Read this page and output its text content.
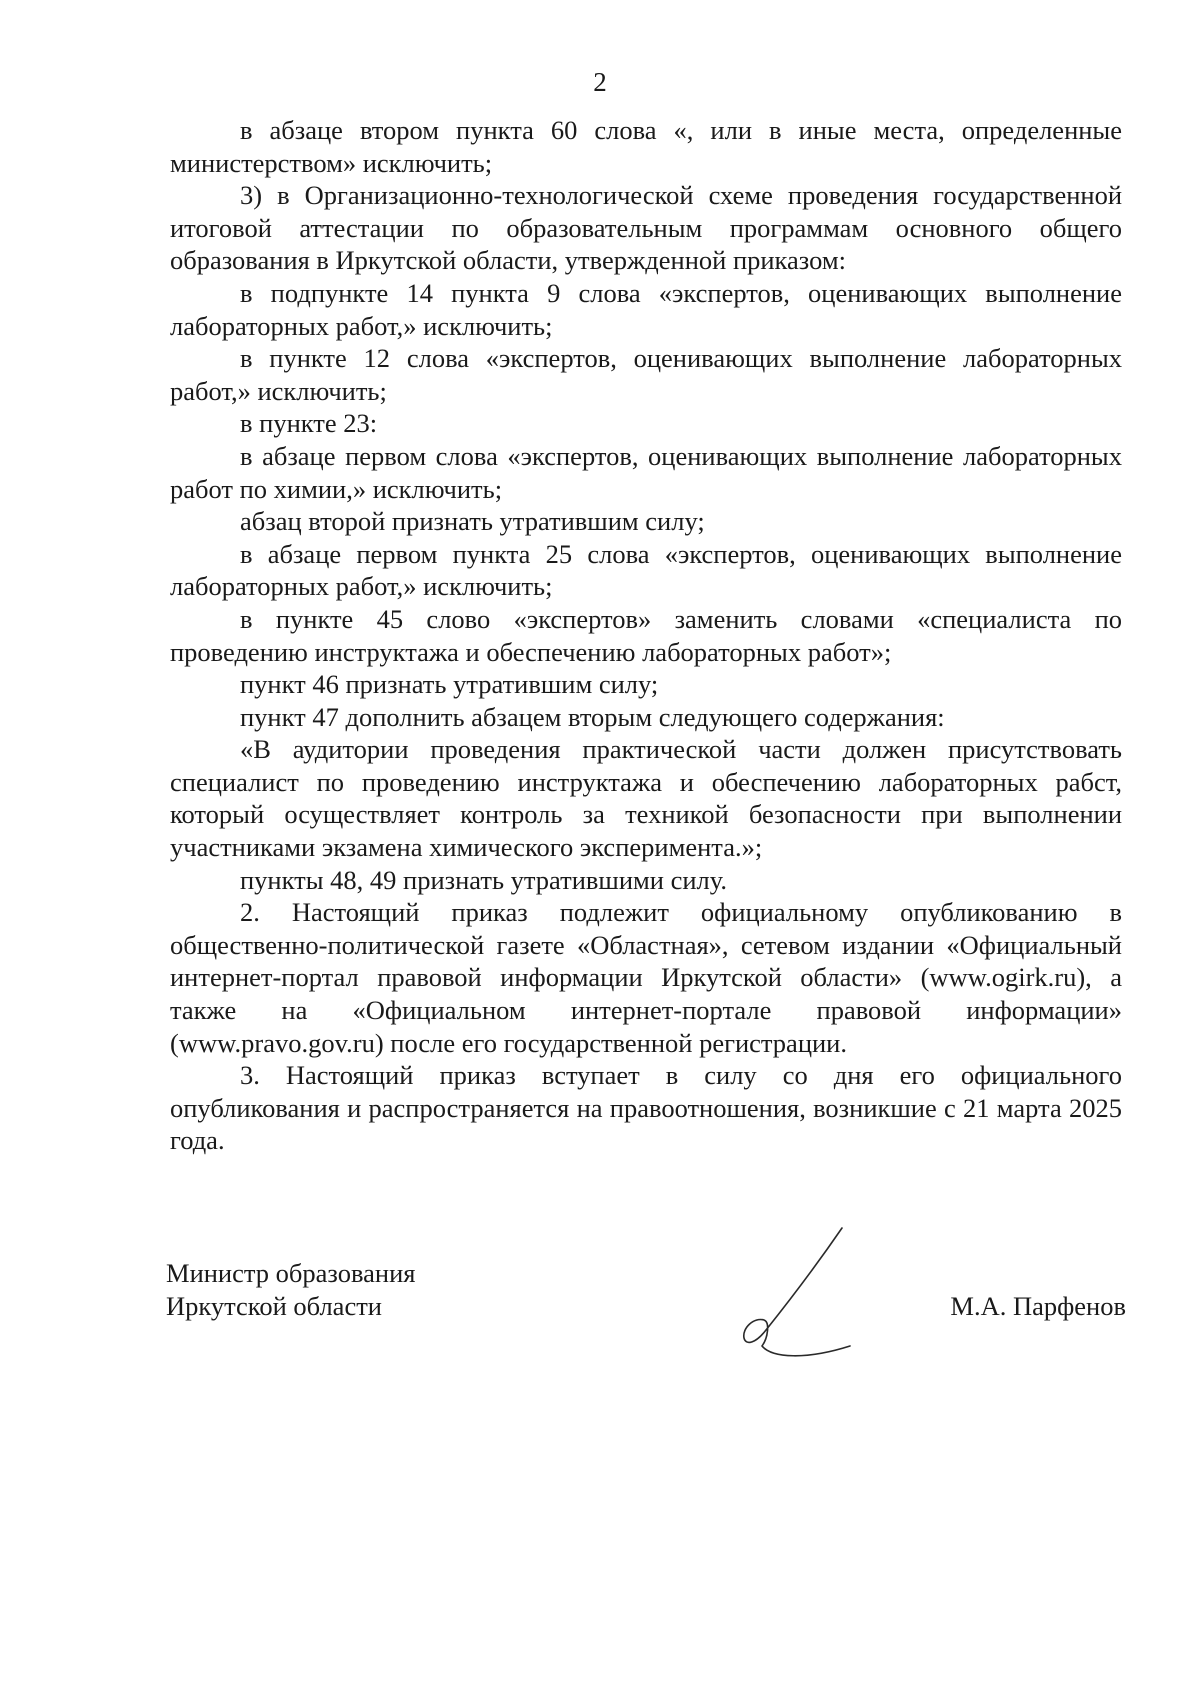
2

в абзаце втором пункта 60 слова «, или в иные места, определенные министерством» исключить;

3) в Организационно-технологической схеме проведения государственной итоговой аттестации по образовательным программам основного общего образования в Иркутской области, утвержденной приказом:

в подпункте 14 пункта 9 слова «экспертов, оценивающих выполнение лабораторных работ,» исключить;

в пункте 12 слова «экспертов, оценивающих выполнение лабораторных работ,» исключить;

в пункте 23:

в абзаце первом слова «экспертов, оценивающих выполнение лабораторных работ по химии,» исключить;

абзац второй признать утратившим силу;

в абзаце первом пункта 25 слова «экспертов, оценивающих выполнение лабораторных работ,» исключить;

в пункте 45 слово «экспертов» заменить словами «специалиста по проведению инструктажа и обеспечению лабораторных работ»;

пункт 46 признать утратившим силу;

пункт 47 дополнить абзацем вторым следующего содержания:

«В аудитории проведения практической части должен присутствовать специалист по проведению инструктажа и обеспечению лабораторных рабст, который осуществляет контроль за техникой безопасности при выполнении участниками экзамена химического эксперимента.»;

пункты 48, 49 признать утратившими силу.

2. Настоящий приказ подлежит официальному опубликованию в общественно-политической газете «Областная», сетевом издании «Официальный интернет-портал правовой информации Иркутской области» (www.ogirk.ru), а также на «Официальном интернет-портале правовой информации» (www.pravo.gov.ru) после его государственной регистрации.

3. Настоящий приказ вступает в силу со дня его официального опубликования и распространяется на правоотношения, возникшие с 21 марта 2025 года.

Министр образования
Иркутской области	М.А. Парфенов
